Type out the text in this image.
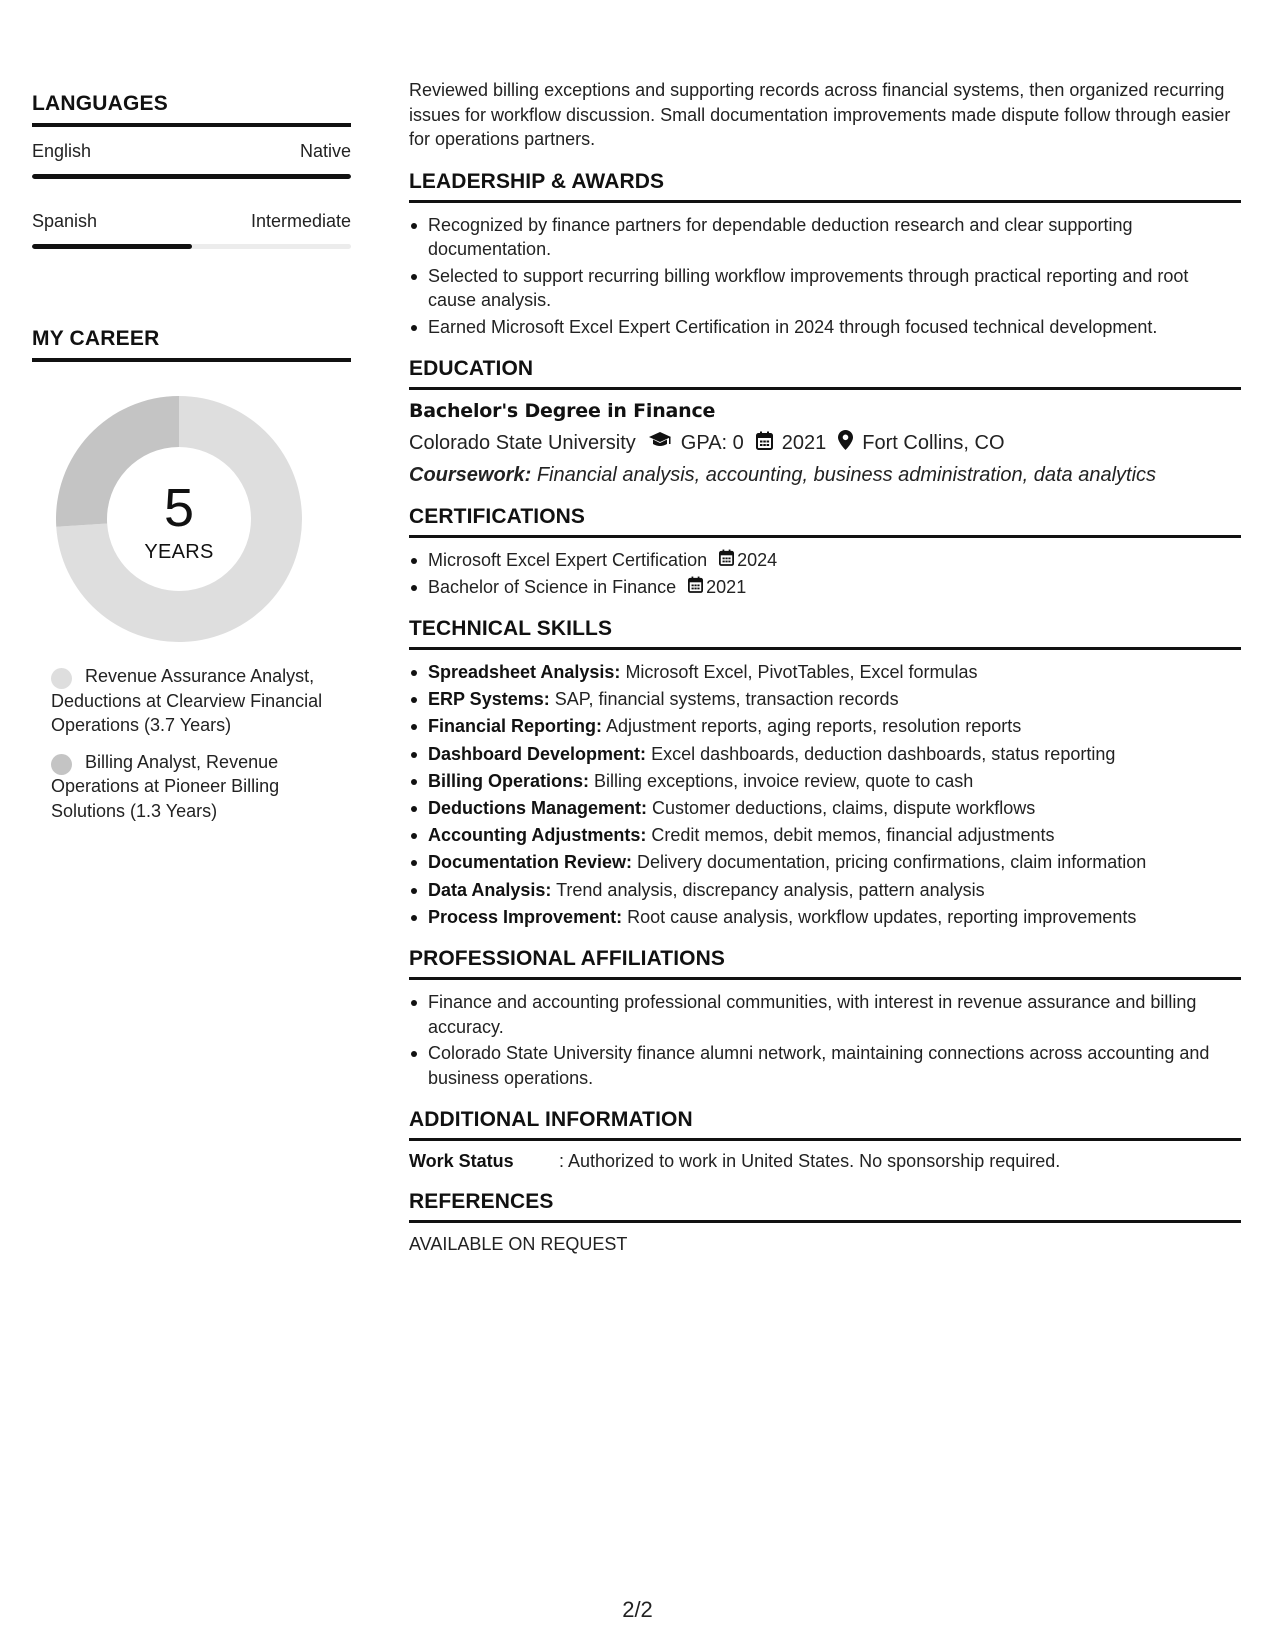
LANGUAGES
English	Native
Spanish	Intermediate
MY CAREER
5
YEARS
Revenue Assurance Analyst, Deductions at Clearview Financial Operations (3.7 Years)
Billing Analyst, Revenue Operations at Pioneer Billing Solutions (1.3 Years)

Reviewed billing exceptions and supporting records across financial systems, then organized recurring issues for workflow discussion. Small documentation improvements made dispute follow through easier for operations partners.

LEADERSHIP & AWARDS
Recognized by finance partners for dependable deduction research and clear supporting documentation.
Selected to support recurring billing workflow improvements through practical reporting and root cause analysis.
Earned Microsoft Excel Expert Certification in 2024 through focused technical development.
EDUCATION
Bachelor's Degree in Finance
Colorado State University GPA: 0 2021 Fort Collins, CO
Coursework: Financial analysis, accounting, business administration, data analytics
CERTIFICATIONS
Microsoft Excel Expert Certification 2024
Bachelor of Science in Finance 2021
TECHNICAL SKILLS
Spreadsheet Analysis: Microsoft Excel, PivotTables, Excel formulas
ERP Systems: SAP, financial systems, transaction records
Financial Reporting: Adjustment reports, aging reports, resolution reports
Dashboard Development: Excel dashboards, deduction dashboards, status reporting
Billing Operations: Billing exceptions, invoice review, quote to cash
Deductions Management: Customer deductions, claims, dispute workflows
Accounting Adjustments: Credit memos, debit memos, financial adjustments
Documentation Review: Delivery documentation, pricing confirmations, claim information
Data Analysis: Trend analysis, discrepancy analysis, pattern analysis
Process Improvement: Root cause analysis, workflow updates, reporting improvements
PROFESSIONAL AFFILIATIONS
Finance and accounting professional communities, with interest in revenue assurance and billing accuracy.
Colorado State University finance alumni network, maintaining connections across accounting and business operations.
ADDITIONAL INFORMATION
Work Status	: Authorized to work in United States. No sponsorship required.
REFERENCES
AVAILABLE ON REQUEST
2/2
